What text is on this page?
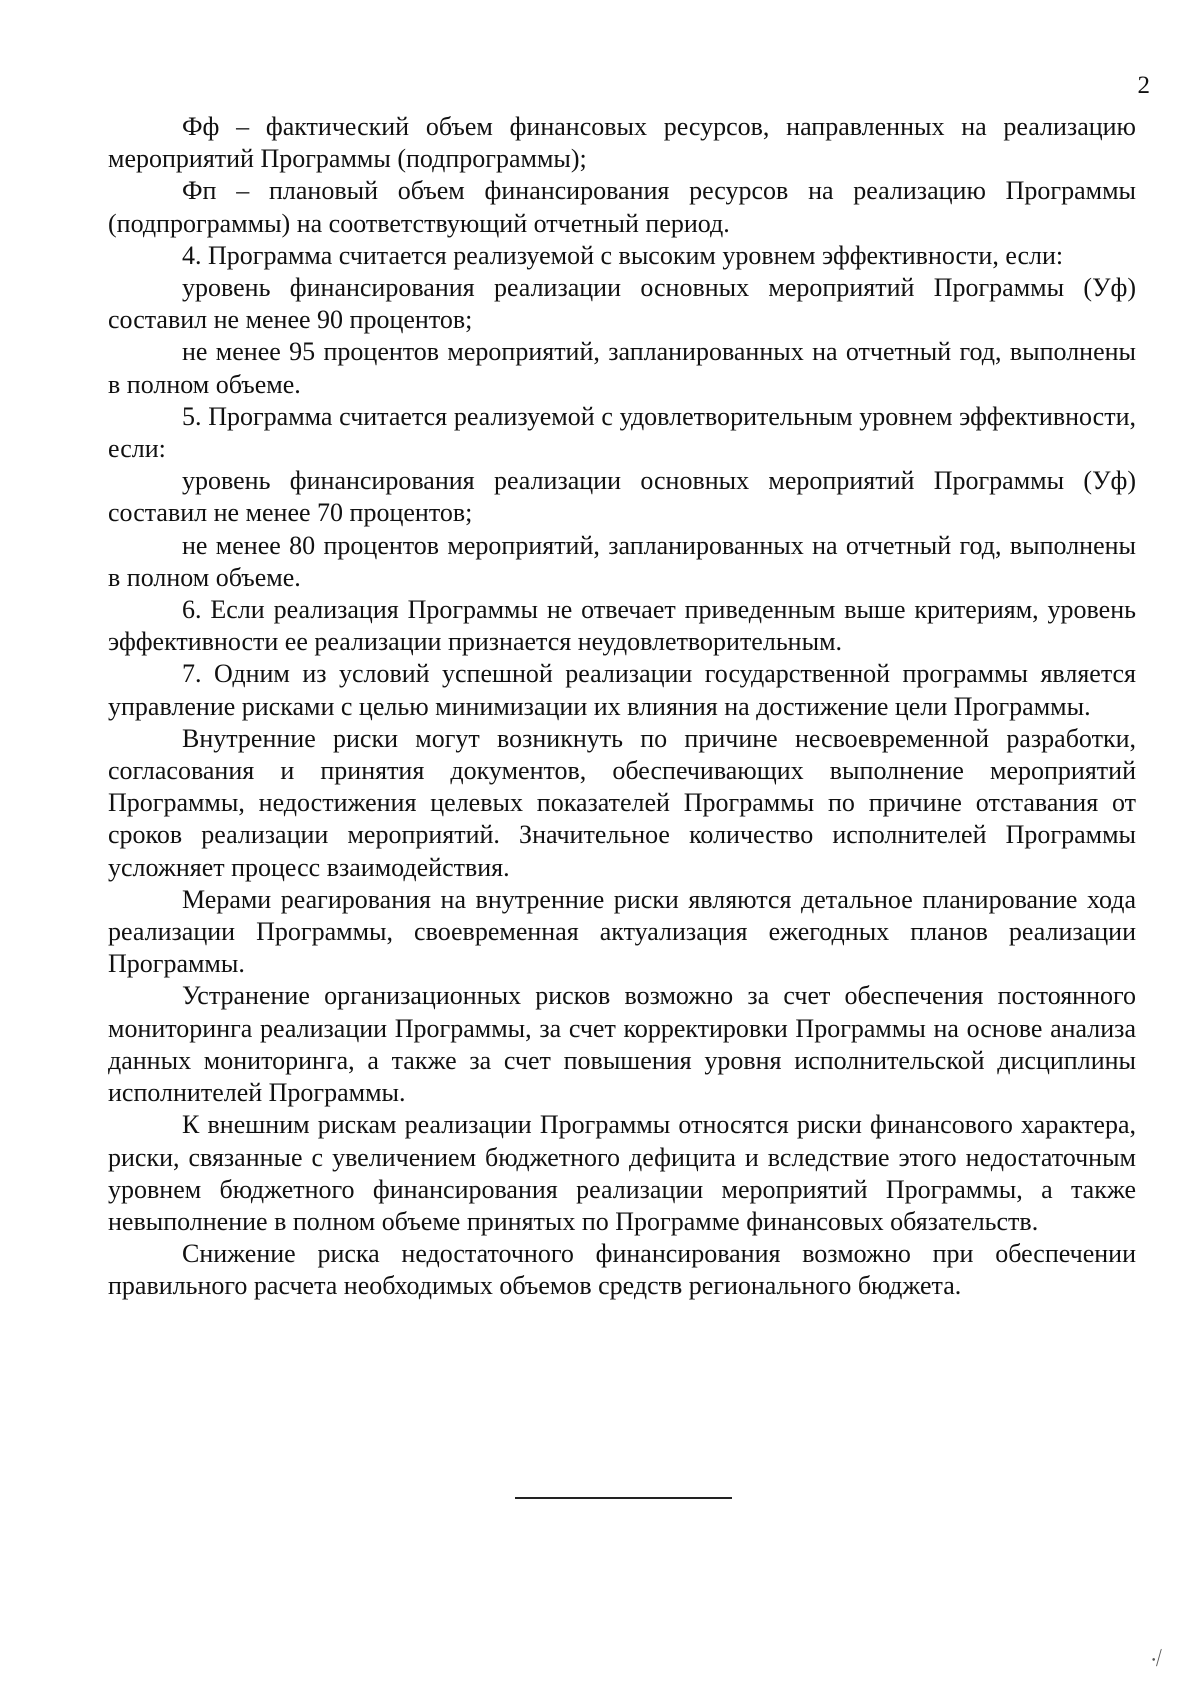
2

Фф – фактический объем финансовых ресурсов, направленных на реализацию мероприятий Программы (подпрограммы);

Фп – плановый объем финансирования ресурсов на реализацию Программы (подпрограммы) на соответствующий отчетный период.

4. Программа считается реализуемой с высоким уровнем эффективности, если:

уровень финансирования реализации основных мероприятий Программы (Уф) составил не менее 90 процентов;

не менее 95 процентов мероприятий, запланированных на отчетный год, выполнены в полном объеме.

5. Программа считается реализуемой с удовлетворительным уровнем эффективности, если:

уровень финансирования реализации основных мероприятий Программы (Уф) составил не менее 70 процентов;

не менее 80 процентов мероприятий, запланированных на отчетный год, выполнены в полном объеме.

6. Если реализация Программы не отвечает приведенным выше критериям, уровень эффективности ее реализации признается неудовлетворительным.

7. Одним из условий успешной реализации государственной программы является управление рисками с целью минимизации их влияния на достижение цели Программы.

Внутренние риски могут возникнуть по причине несвоевременной разработки, согласования и принятия документов, обеспечивающих выполнение мероприятий Программы, недостижения целевых показателей Программы по причине отставания от сроков реализации мероприятий. Значительное количество исполнителей Программы усложняет процесс взаимодействия.

Мерами реагирования на внутренние риски являются детальное планирование хода реализации Программы, своевременная актуализация ежегодных планов реализации Программы.

Устранение организационных рисков возможно за счет обеспечения постоянного мониторинга реализации Программы, за счет корректировки Программы на основе анализа данных мониторинга, а также за счет повышения уровня исполнительской дисциплины исполнителей Программы.

К внешним рискам реализации Программы относятся риски финансового характера, риски, связанные с увеличением бюджетного дефицита и вследствие этого недостаточным уровнем бюджетного финансирования реализации мероприятий Программы, а также невыполнение в полном объеме принятых по Программе финансовых обязательств.

Снижение риска недостаточного финансирования возможно при обеспечении правильного расчета необходимых объемов средств регионального бюджета.

·⁄
